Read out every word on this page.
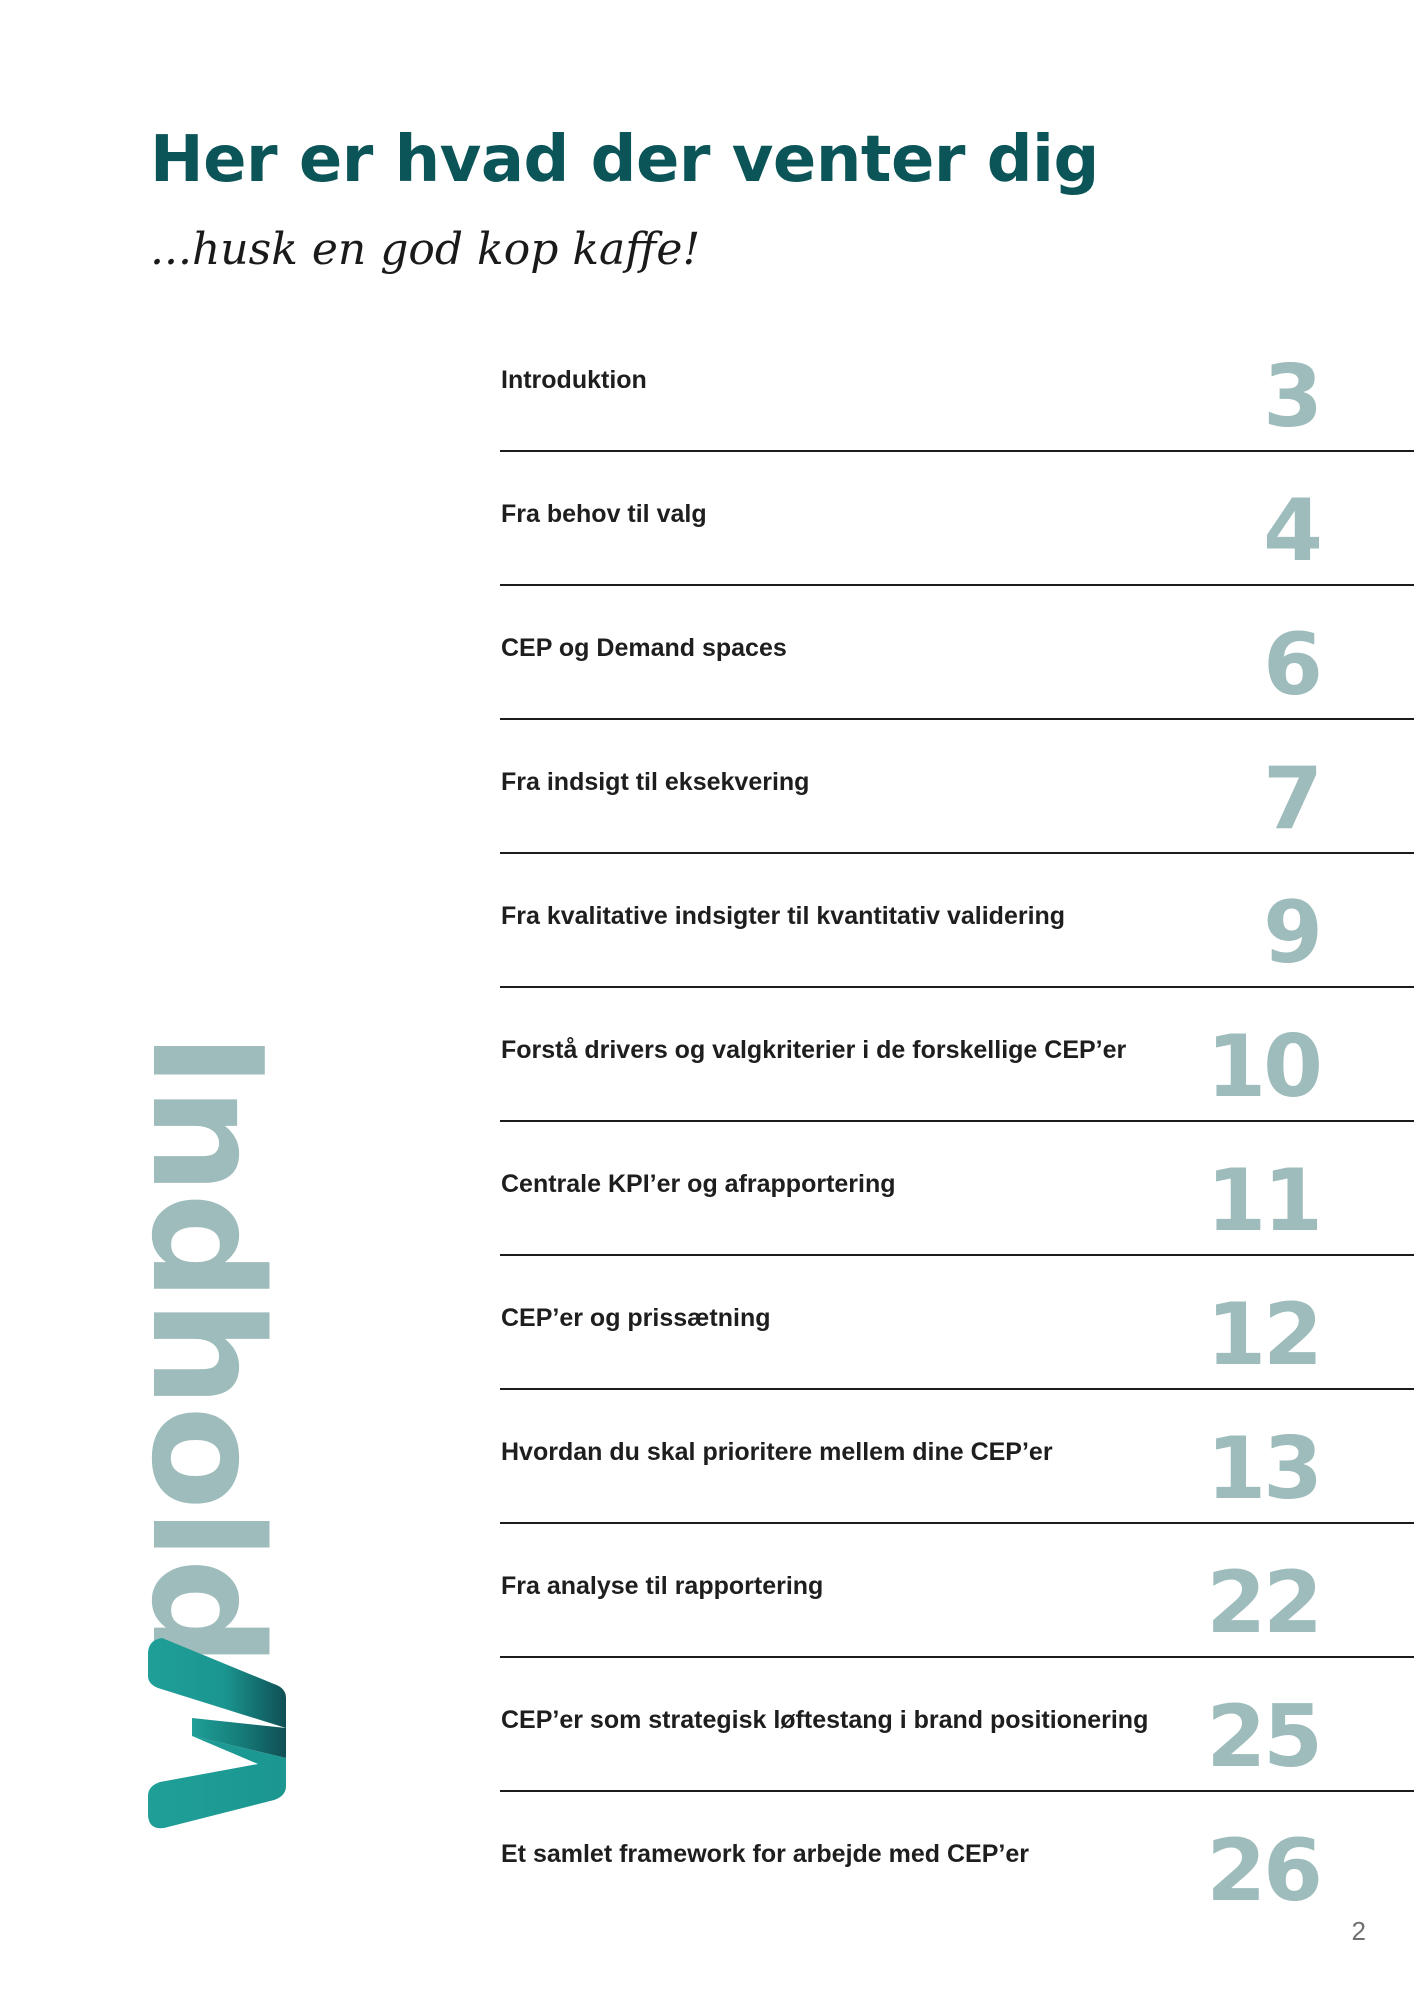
Her er hvad der venter dig

...husk en god kop kaffe!

Indhold
Introduktion	3
Fra behov til valg	4
CEP og Demand spaces	6
Fra indsigt til eksekvering	7
Fra kvalitative indsigter til kvantitativ validering 9
Forstå drivers og valgkriterier i de forskellige CEP’er 10
Centrale KPI’er og afrapportering	11
CEP’er og prissætning	12
Hvordan du skal prioritere mellem dine CEP’er 13
Fra analyse til rapportering	22
CEP’er som strategisk løftestang i brand positionering 25
Et samlet framework for arbejde med CEP’er 26
2
